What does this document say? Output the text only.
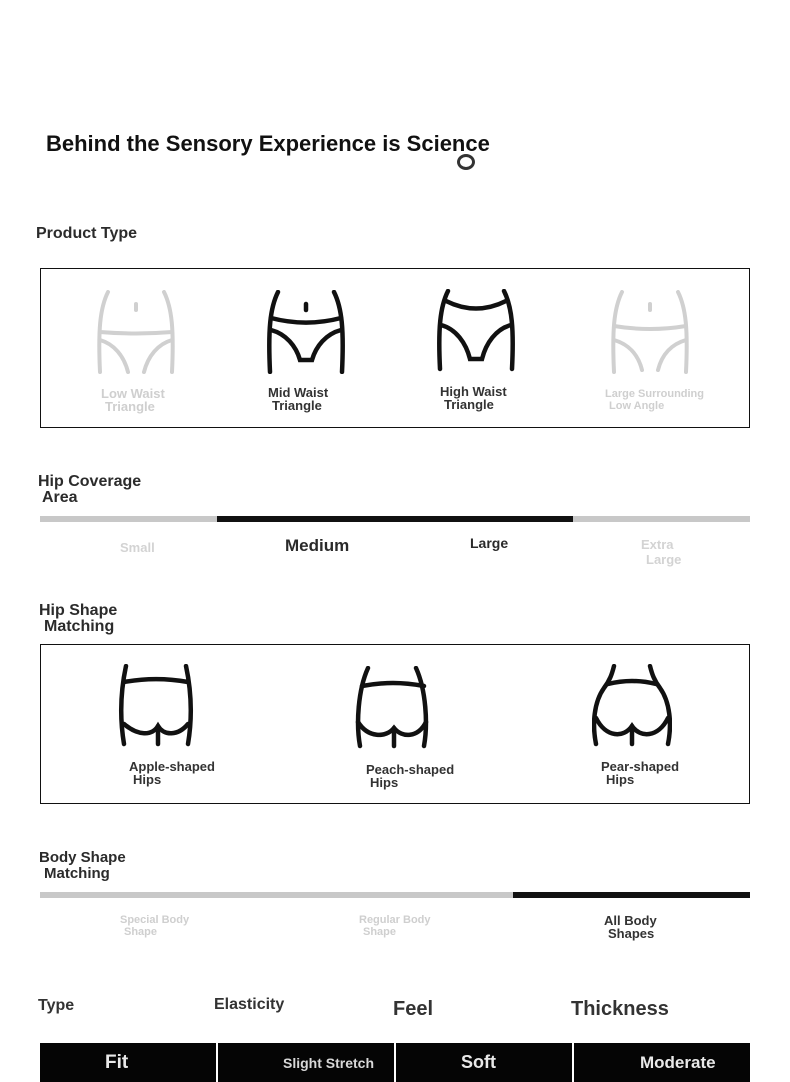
Behind the Sensory Experience is Science
Product Type
Low Waist
Triangle
Mid Waist
Triangle
High Waist
Triangle
Large Surrounding
Low Angle
Hip Coverage
Area
Small	Medium	Large	Extra
Large
Hip Shape
Matching
Apple-shaped
Hips
Peach-shaped
Hips
Pear-shaped
Hips
Body Shape
Matching
Special Body
Shape
Regular Body
Shape
All Body
Shapes
Type	Elasticity	Feel	Thickness
Fit	Slight Stretch	Soft	Moderate
